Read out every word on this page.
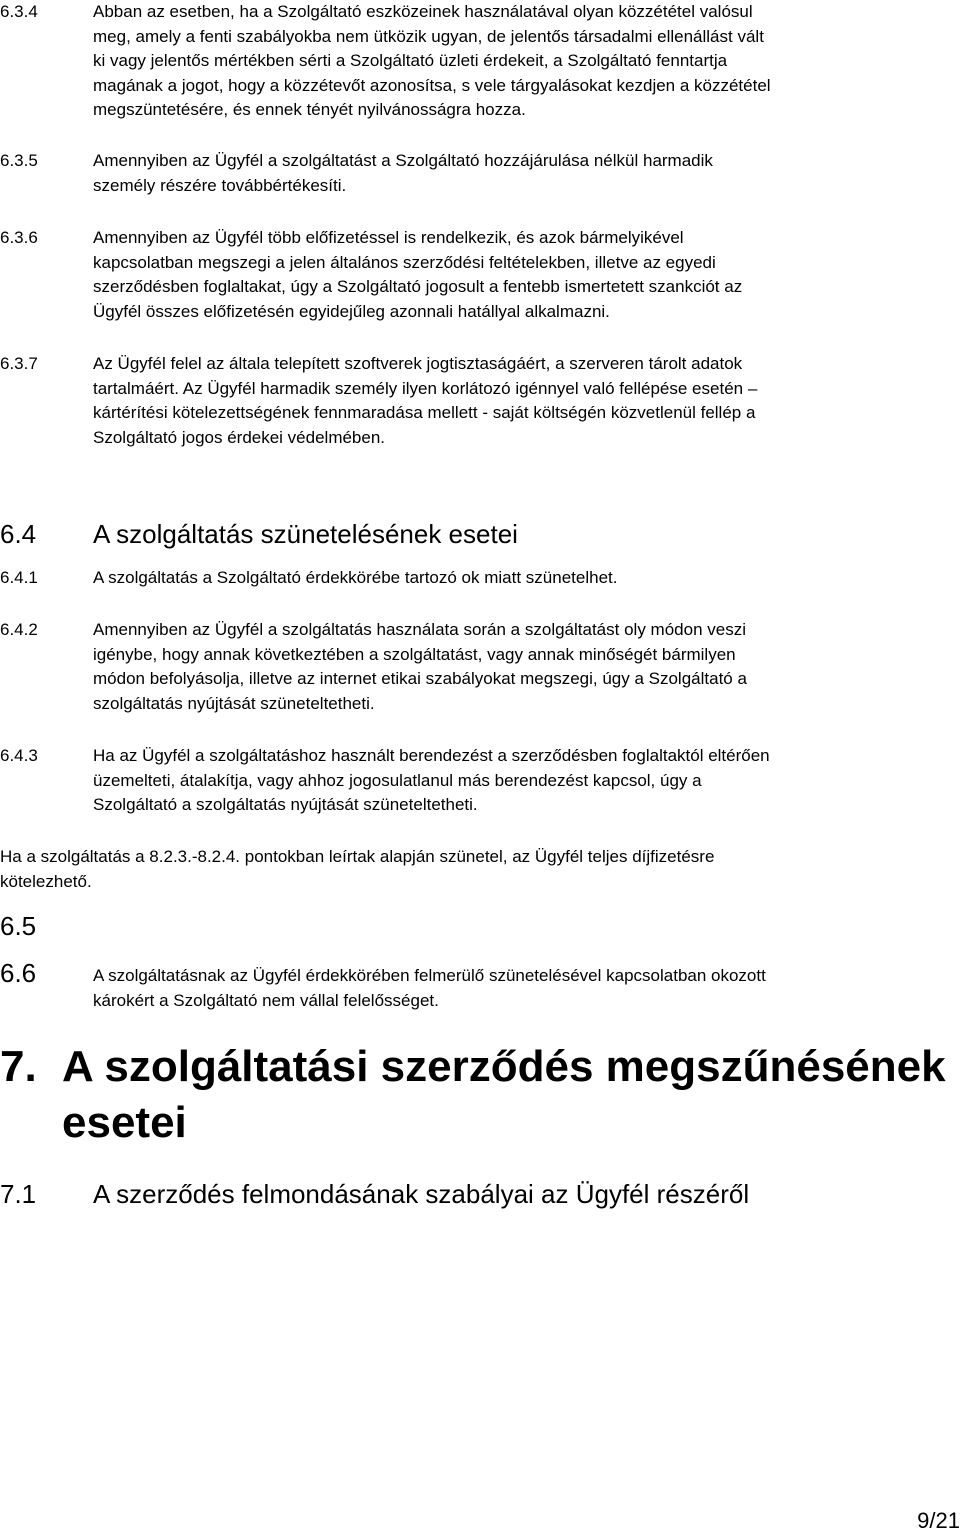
6.3.4	Abban az esetben, ha a Szolgáltató eszközeinek használatával olyan közzététel valósul
meg, amely a fenti szabályokba nem ütközik ugyan, de jelentős társadalmi ellenállást vált
ki vagy jelentős mértékben sérti a Szolgáltató üzleti érdekeit, a Szolgáltató fenntartja
magának a jogot, hogy a közzétevőt azonosítsa, s vele tárgyalásokat kezdjen a közzététel
megszüntetésére, és ennek tényét nyilvánosságra hozza.
6.3.5	Amennyiben az Ügyfél a szolgáltatást a Szolgáltató hozzájárulása nélkül harmadik
személy részére továbbértékesíti.
6.3.6	Amennyiben az Ügyfél több előfizetéssel is rendelkezik, és azok bármelyikével
kapcsolatban megszegi a jelen általános szerződési feltételekben, illetve az egyedi
szerződésben foglaltakat, úgy a Szolgáltató jogosult a fentebb ismertetett szankciót az
Ügyfél összes előfizetésén egyidejűleg azonnali hatállyal alkalmazni.
6.3.7	Az Ügyfél felel az általa telepített szoftverek jogtisztaságáért, a szerveren tárolt adatok
tartalmáért. Az Ügyfél harmadik személy ilyen korlátozó igénnyel való fellépése esetén –
kártérítési kötelezettségének fennmaradása mellett - saját költségén közvetlenül fellép a
Szolgáltató jogos érdekei védelmében.
6.4 A szolgáltatás szünetelésének esetei
6.4.1	A szolgáltatás a Szolgáltató érdekkörébe tartozó ok miatt szünetelhet.
6.4.2	Amennyiben az Ügyfél a szolgáltatás használata során a szolgáltatást oly módon veszi
igénybe, hogy annak következtében a szolgáltatást, vagy annak minőségét bármilyen
módon befolyásolja, illetve az internet etikai szabályokat megszegi, úgy a Szolgáltató a
szolgáltatás nyújtását szüneteltetheti.
6.4.3	Ha az Ügyfél a szolgáltatáshoz használt berendezést a szerződésben foglaltaktól eltérően
üzemelteti, átalakítja, vagy ahhoz jogosulatlanul más berendezést kapcsol, úgy a
Szolgáltató a szolgáltatás nyújtását szüneteltetheti.
Ha a szolgáltatás a 8.2.3.-8.2.4. pontokban leírtak alapján szünetel, az Ügyfél teljes díjfizetésre
kötelezhető.
6.5
6.6	A szolgáltatásnak az Ügyfél érdekkörében felmerülő szünetelésével kapcsolatban okozott
károkért a Szolgáltató nem vállal felelősséget.
7. A szolgáltatási szerződés megszűnésének
esetei
7.1 A szerződés felmondásának szabályai az Ügyfél részéről
9/21
